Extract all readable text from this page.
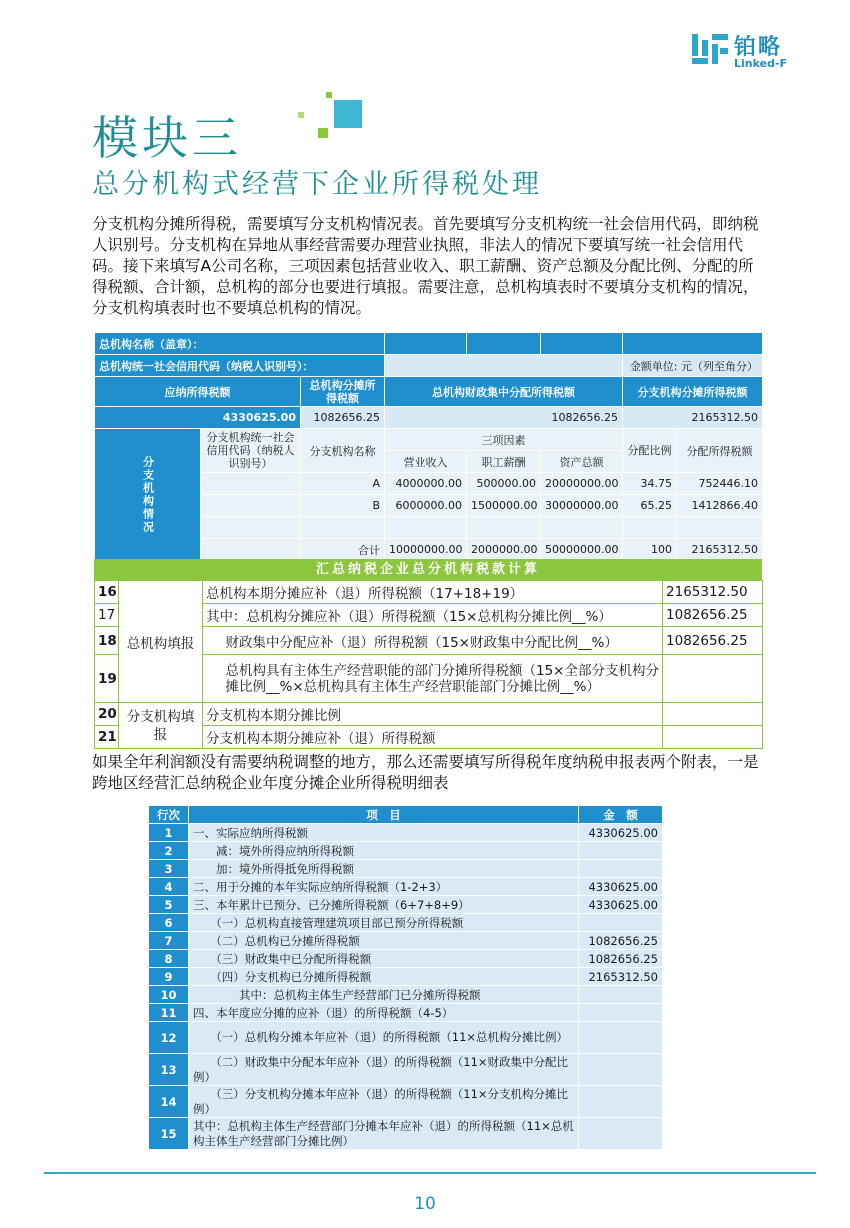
铂略
Linked-F
模块三
总分机构式经营下企业所得税处理
分支机构分摊所得税，需要填写分支机构情况表。首先要填写分支机构统一社会信用代码，即纳税人识别号。分支机构在异地从事经营需要办理营业执照，非法人的情况下要填写统一社会信用代码。接下来填写A公司名称，三项因素包括营业收入、职工薪酬、资产总额及分配比例、分配的所得税额、合计额，总机构的部分也要进行填报。需要注意，总机构填表时不要填分支机构的情况，分支机构填表时也不要填总机构的情况。
总机构名称（盖章）：							
总机构统一社会信用代码（纳税人识别号）：						金额单位: 元（列至角分）	
应纳所得税额		总机构分摊所得税额	总机构财政集中分配所得税额			分支机构分摊所得税额	
4330625.00		1082656.25	1082656.25			2165312.50	

分支机构情况	分支机构统一社会信用代码（纳税人识别号）	分支机构名称	三项因素			分配比例	分配所得税额
			营业收入	职工薪酬	资产总额		
		A	4000000.00	500000.00	20000000.00	34.75	752446.10
		B	6000000.00	1500000.00	30000000.00	65.25	1412866.40

		合计	10000000.00	2000000.00	50000000.00	100	2165312.50
汇总纳税企业总分机构税款计算
16	总机构填报	总机构本期分摊应补（退）所得税额（17+18+19）		2165312.50
17		其中：总机构分摊应补（退）所得税额（15×总机构分摊比例__%）		1082656.25
18			财政集中分配应补（退）所得税额（15×财政集中分配比例__%）	1082656.25
19			总机构具有主体生产经营职能的部门分摊所得税额（15×全部分支机构分摊比例__%×总机构具有主体生产经营职能部门分摊比例__%）	
20	分支机构填报	分支机构本期分摊比例		
21		分支机构本期分摊应补（退）所得税额		
如果全年利润额没有需要纳税调整的地方，那么还需要填写所得税年度纳税申报表两个附表，一是跨地区经营汇总纳税企业年度分摊企业所得税明细表
行次	项　目	金　额
1	一、实际应纳所得税额	4330625.00
2	　　减：境外所得应纳所得税额	
3	　　加：境外所得抵免所得税额	
4	二、用于分摊的本年实际应纳所得税额（1-2+3）	4330625.00
5	三、本年累计已预分、已分摊所得税额（6+7+8+9）	4330625.00
6	　　（一）总机构直接管理建筑项目部已预分所得税额	
7	　　（二）总机构已分摊所得税额	1082656.25
8	　　（三）财政集中已分配所得税额	1082656.25
9	　　（四）分支机构已分摊所得税额	2165312.50
10	　　　　其中：总机构主体生产经营部门已分摊所得税额	
11	四、本年度应分摊的应补（退）的所得税额（4-5）	
12	　　（一）总机构分摊本年应补（退）的所得税额（11×总机构分摊比例）	
13	　　（二）财政集中分配本年应补（退）的所得税额（11×财政集中分配比例）	
14	　　（三）分支机构分摊本年应补（退）的所得税额（11×分支机构分摊比例）	
15	其中：总机构主体生产经营部门分摊本年应补（退）的所得税额（11×总机构主体生产经营部门分摊比例）	
10
